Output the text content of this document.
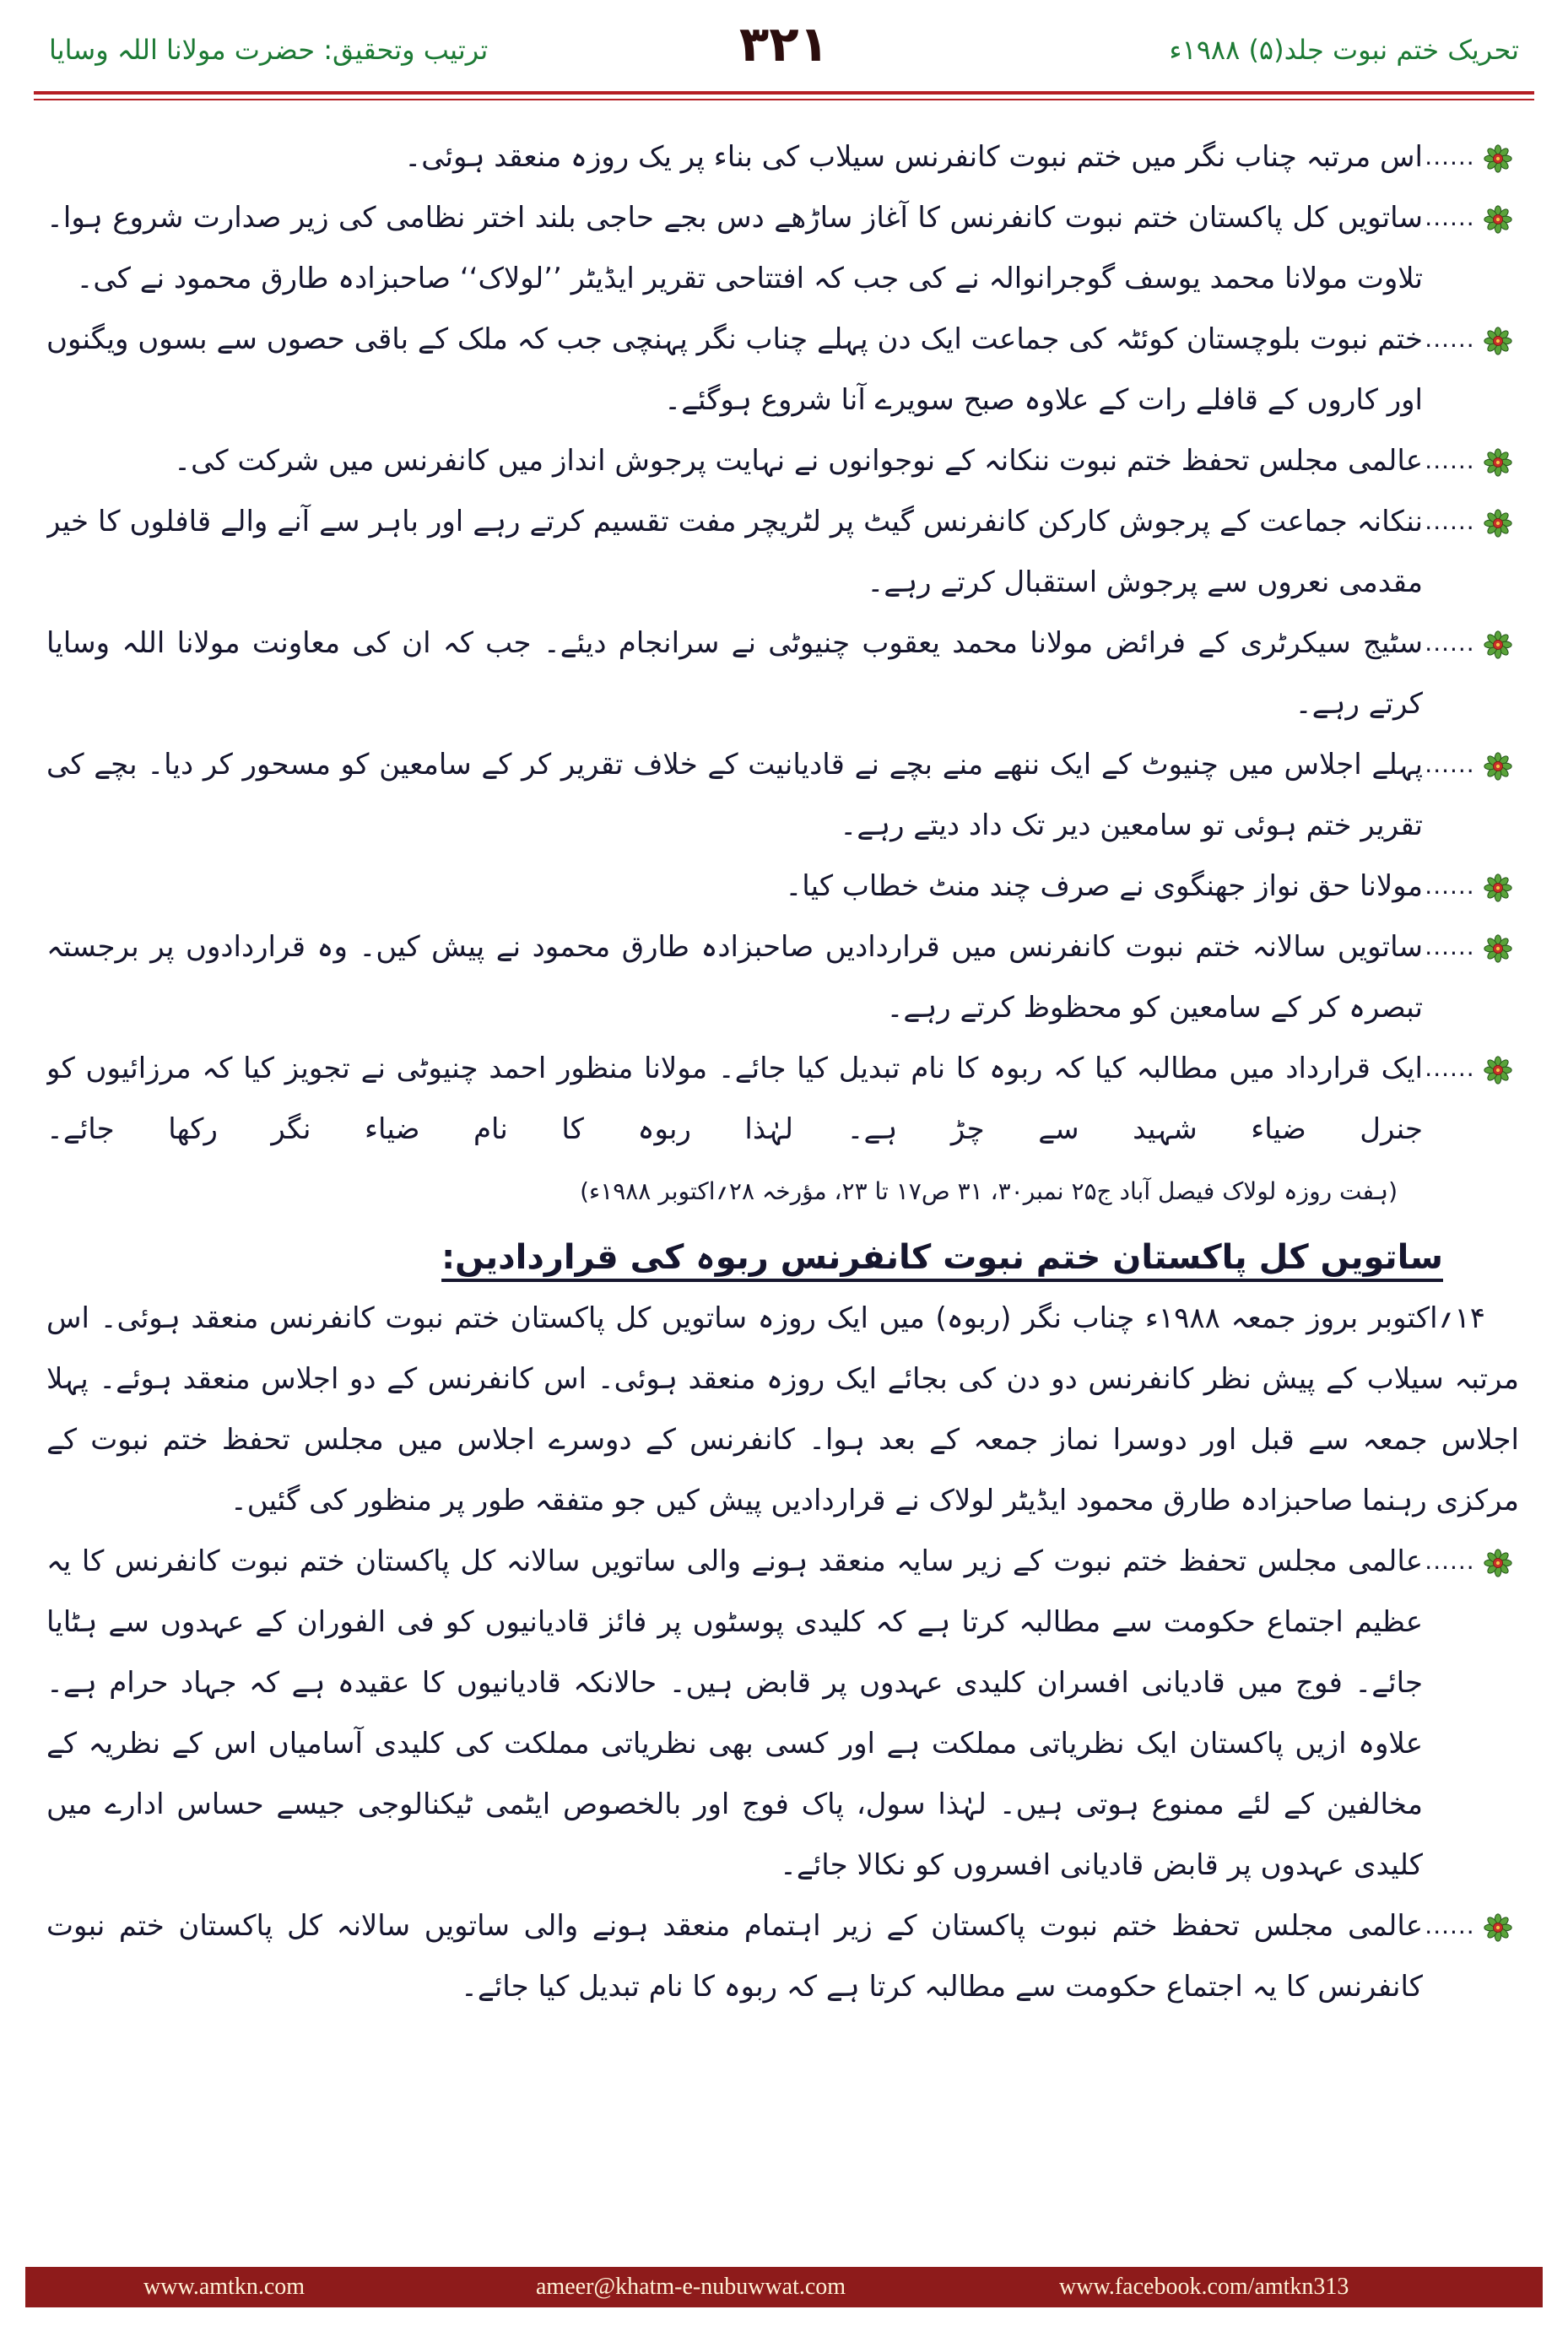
تحریک ختم نبوت جلد(۵) ۱۹۸۸ء
۳۲۱
ترتیب وتحقیق: حضرت مولانا اللہ وسایا
......

اس مرتبہ چناب نگر میں ختم نبوت کانفرنس سیلاب کی بناء پر یک روزہ منعقد ہوئی۔

......

ساتویں کل پاکستان ختم نبوت کانفرنس کا آغاز ساڑھے دس بجے حاجی بلند اختر نظامی کی زیر صدارت شروع ہوا۔ تلاوت مولانا محمد یوسف گوجرانوالہ نے کی جب کہ افتتاحی تقریر ایڈیٹر ’’لولاک‘‘ صاحبزادہ طارق محمود نے کی۔

......

ختم نبوت بلوچستان کوئٹہ کی جماعت ایک دن پہلے چناب نگر پہنچی جب کہ ملک کے باقی حصوں سے بسوں ویگنوں اور کاروں کے قافلے رات کے علاوہ صبح سویرے آنا شروع ہوگئے۔

......

عالمی مجلس تحفظ ختم نبوت ننکانہ کے نوجوانوں نے نہایت پرجوش انداز میں کانفرنس میں شرکت کی۔

......

ننکانہ جماعت کے پرجوش کارکن کانفرنس گیٹ پر لٹریچر مفت تقسیم کرتے رہے اور باہر سے آنے والے قافلوں کا خیر مقدمی نعروں سے پرجوش استقبال کرتے رہے۔

......

سٹیج سیکرٹری کے فرائض مولانا محمد یعقوب چنیوٹی نے سرانجام دیئے۔ جب کہ ان کی معاونت مولانا اللہ وسایا کرتے رہے۔

......

پہلے اجلاس میں چنیوٹ کے ایک ننھے منے بچے نے قادیانیت کے خلاف تقریر کر کے سامعین کو مسحور کر دیا۔ بچے کی تقریر ختم ہوئی تو سامعین دیر تک داد دیتے رہے۔

......

مولانا حق نواز جھنگوی نے صرف چند منٹ خطاب کیا۔

......

ساتویں سالانہ ختم نبوت کانفرنس میں قراردادیں صاحبزادہ طارق محمود نے پیش کیں۔ وہ قراردادوں پر برجستہ تبصرہ کر کے سامعین کو محظوظ کرتے رہے۔

......

ایک قرارداد میں مطالبہ کیا کہ ربوہ کا نام تبدیل کیا جائے۔ مولانا منظور احمد چنیوٹی نے تجویز کیا کہ مرزائیوں کو جنرل ضیاء شہید سے چڑ ہے۔ لہٰذا ربوہ کا نام ضیاء نگر رکھا جائے۔(ہفت روزہ لولاک فیصل آباد ج۲۵ نمبر۳۰، ۳۱ ص۱۷ تا ۲۳، مؤرخہ ۲۸؍اکتوبر ۱۹۸۸ء)

ساتویں کل پاکستان ختم نبوت کانفرنس ربوہ کی قراردادیں:

۱۴؍اکتوبر بروز جمعہ ۱۹۸۸ء چناب نگر (ربوہ) میں ایک روزہ ساتویں کل پاکستان ختم نبوت کانفرنس منعقد ہوئی۔ اس مرتبہ سیلاب کے پیش نظر کانفرنس دو دن کی بجائے ایک روزہ منعقد ہوئی۔ اس کانفرنس کے دو اجلاس منعقد ہوئے۔ پہلا اجلاس جمعہ سے قبل اور دوسرا نماز جمعہ کے بعد ہوا۔ کانفرنس کے دوسرے اجلاس میں مجلس تحفظ ختم نبوت کے مرکزی رہنما صاحبزادہ طارق محمود ایڈیٹر لولاک نے قراردادیں پیش کیں جو متفقہ طور پر منظور کی گئیں۔

......

عالمی مجلس تحفظ ختم نبوت کے زیر سایہ منعقد ہونے والی ساتویں سالانہ کل پاکستان ختم نبوت کانفرنس کا یہ عظیم اجتماع حکومت سے مطالبہ کرتا ہے کہ کلیدی پوسٹوں پر فائز قادیانیوں کو فی الفوران کے عہدوں سے ہٹایا جائے۔ فوج میں قادیانی افسران کلیدی عہدوں پر قابض ہیں۔ حالانکہ قادیانیوں کا عقیدہ ہے کہ جہاد حرام ہے۔ علاوہ ازیں پاکستان ایک نظریاتی مملکت ہے اور کسی بھی نظریاتی مملکت کی کلیدی آسامیاں اس کے نظریہ کے مخالفین کے لئے ممنوع ہوتی ہیں۔ لہٰذا سول، پاک فوج اور بالخصوص ایٹمی ٹیکنالوجی جیسے حساس ادارے میں کلیدی عہدوں پر قابض قادیانی افسروں کو نکالا جائے۔

......

عالمی مجلس تحفظ ختم نبوت پاکستان کے زیر اہتمام منعقد ہونے والی ساتویں سالانہ کل پاکستان ختم نبوت کانفرنس کا یہ اجتماع حکومت سے مطالبہ کرتا ہے کہ ربوہ کا نام تبدیل کیا جائے۔

www.amtkn.com	ameer@khatm-e-nubuwwat.com	www.facebook.com/amtkn313
